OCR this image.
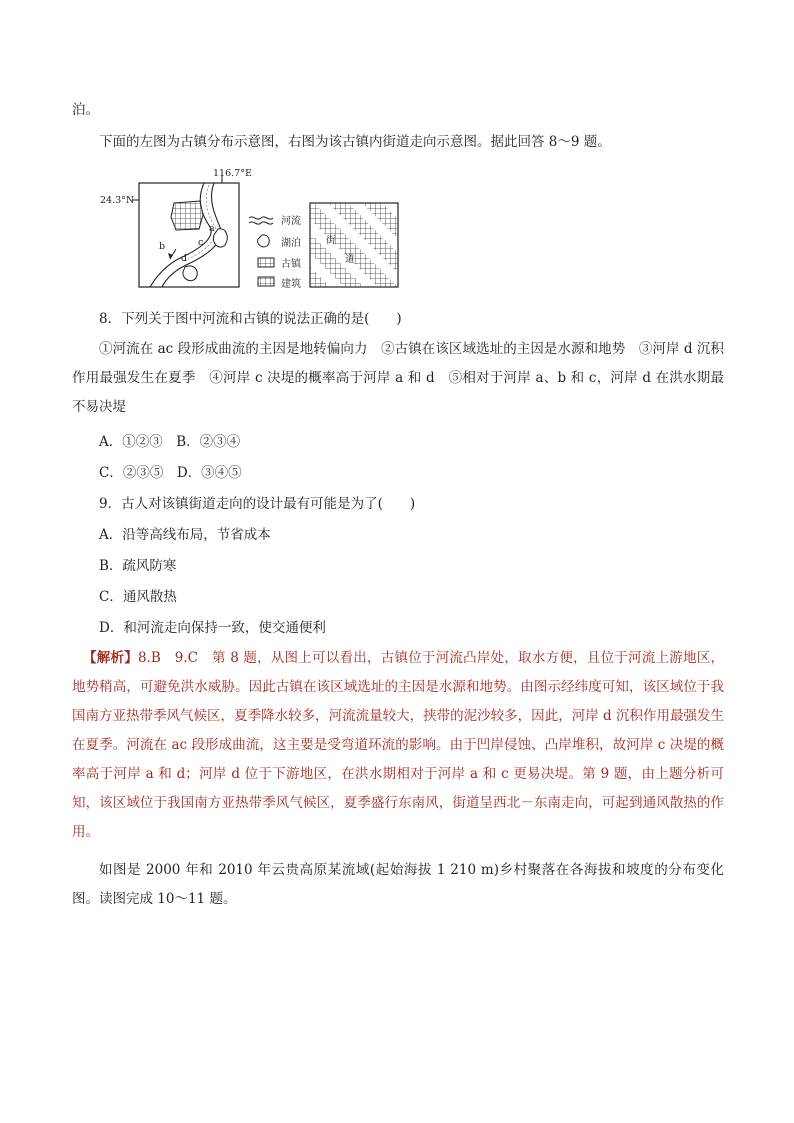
泊。
下面的左图为古镇分布示意图，右图为该古镇内街道走向示意图。据此回答 8～9 题。
116.7°E
24.3°N
a
b	c
d
河流
湖泊
古镇
建筑
街
道
8．下列关于图中河流和古镇的说法正确的是(　　)
①河流在 ac 段形成曲流的主因是地转偏向力　②古镇在该区域选址的主因是水源和地势　③河岸 d 沉积作用最强发生在夏季　④河岸 c 决堤的概率高于河岸 a 和 d　⑤相对于河岸 a、b 和 c，河岸 d 在洪水期最不易决堤
A．①②③　B．②③④
C．②③⑤　D．③④⑤
9．古人对该镇街道走向的设计最有可能是为了(　　)
A．沿等高线布局，节省成本
B．疏风防寒
C．通风散热
D．和河流走向保持一致，使交通便利
【解析】8.B　9.C　第 8 题，从图上可以看出，古镇位于河流凸岸处，取水方便，且位于河流上游地区，地势稍高，可避免洪水威胁。因此古镇在该区域选址的主因是水源和地势。由图示经纬度可知，该区域位于我国南方亚热带季风气候区，夏季降水较多，河流流量较大，挟带的泥沙较多，因此，河岸 d 沉积作用最强发生在夏季。河流在 ac 段形成曲流，这主要是受弯道环流的影响。由于凹岸侵蚀、凸岸堆积，故河岸 c 决堤的概率高于河岸 a 和 d；河岸 d 位于下游地区，在洪水期相对于河岸 a 和 c 更易决堤。第 9 题，由上题分析可知，该区域位于我国南方亚热带季风气候区，夏季盛行东南风，街道呈西北－东南走向，可起到通风散热的作用。
如图是 2000 年和 2010 年云贵高原某流域(起始海拔 1 210 m)乡村聚落在各海拔和坡度的分布变化图。读图完成 10～11 题。
